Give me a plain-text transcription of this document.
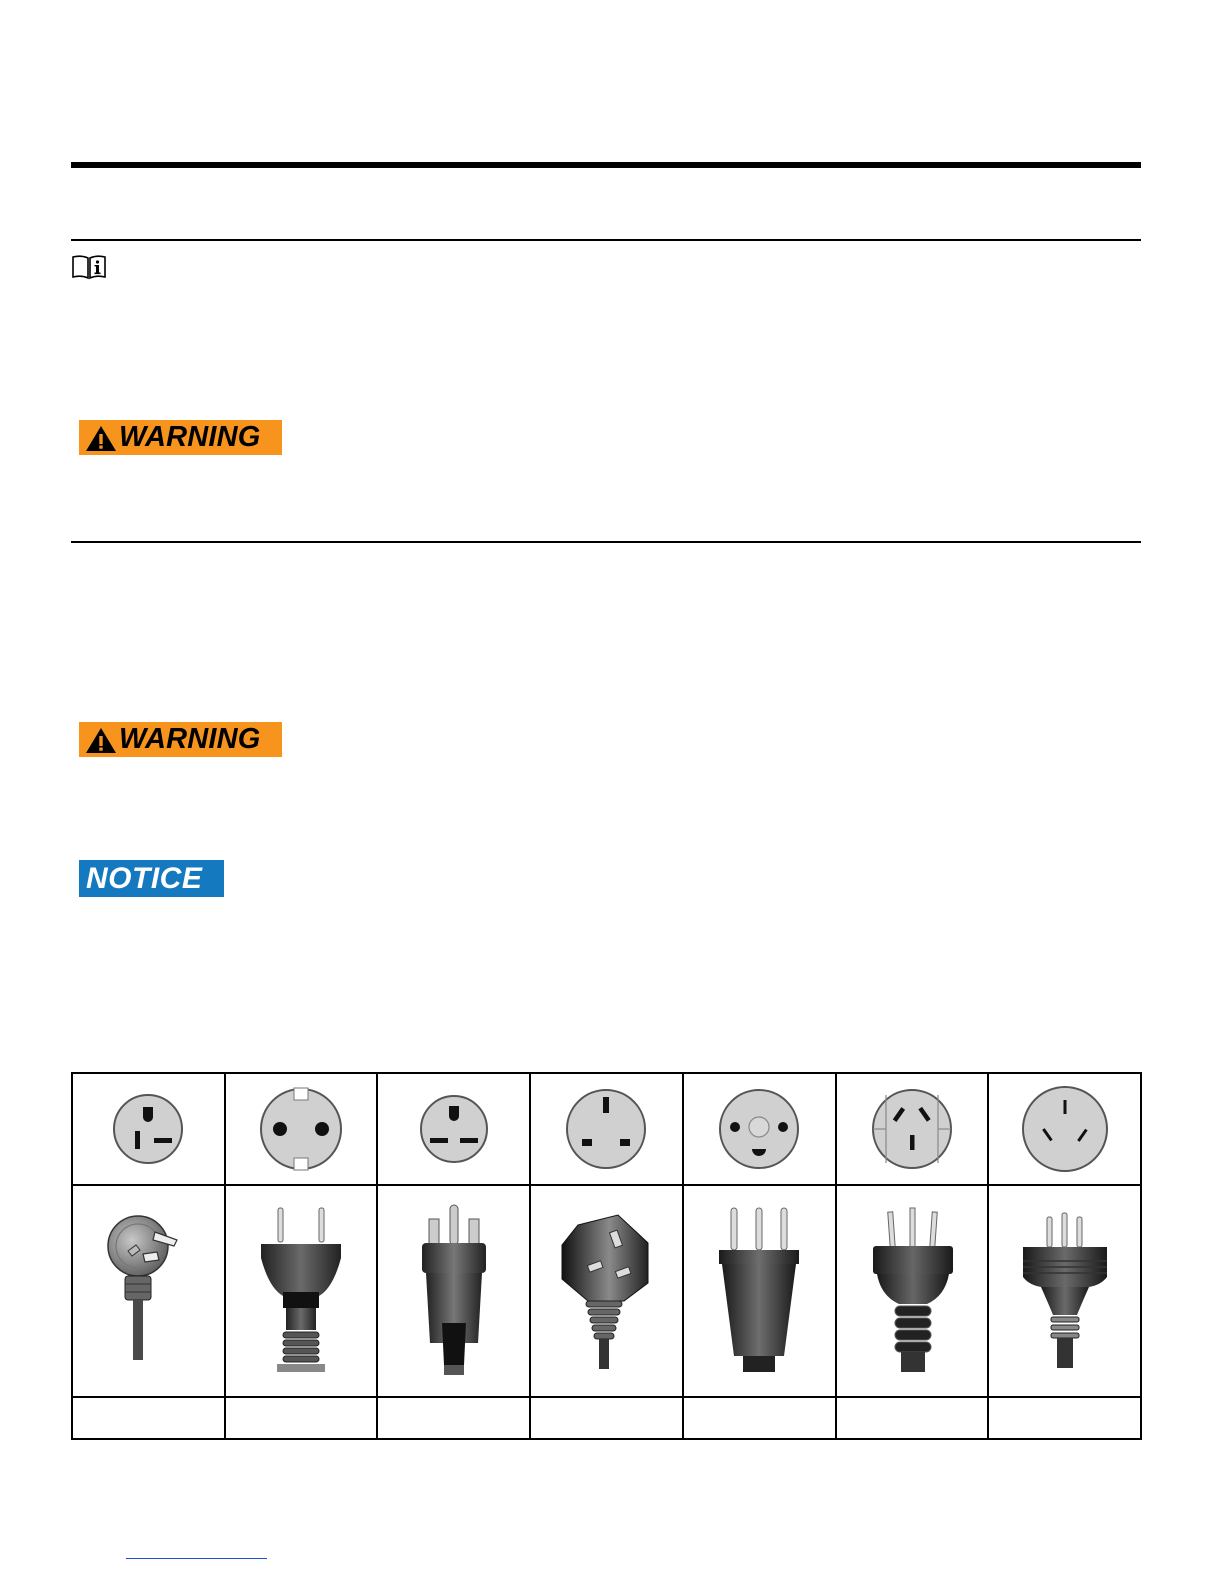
WARNING
WARNING
NOTICE
